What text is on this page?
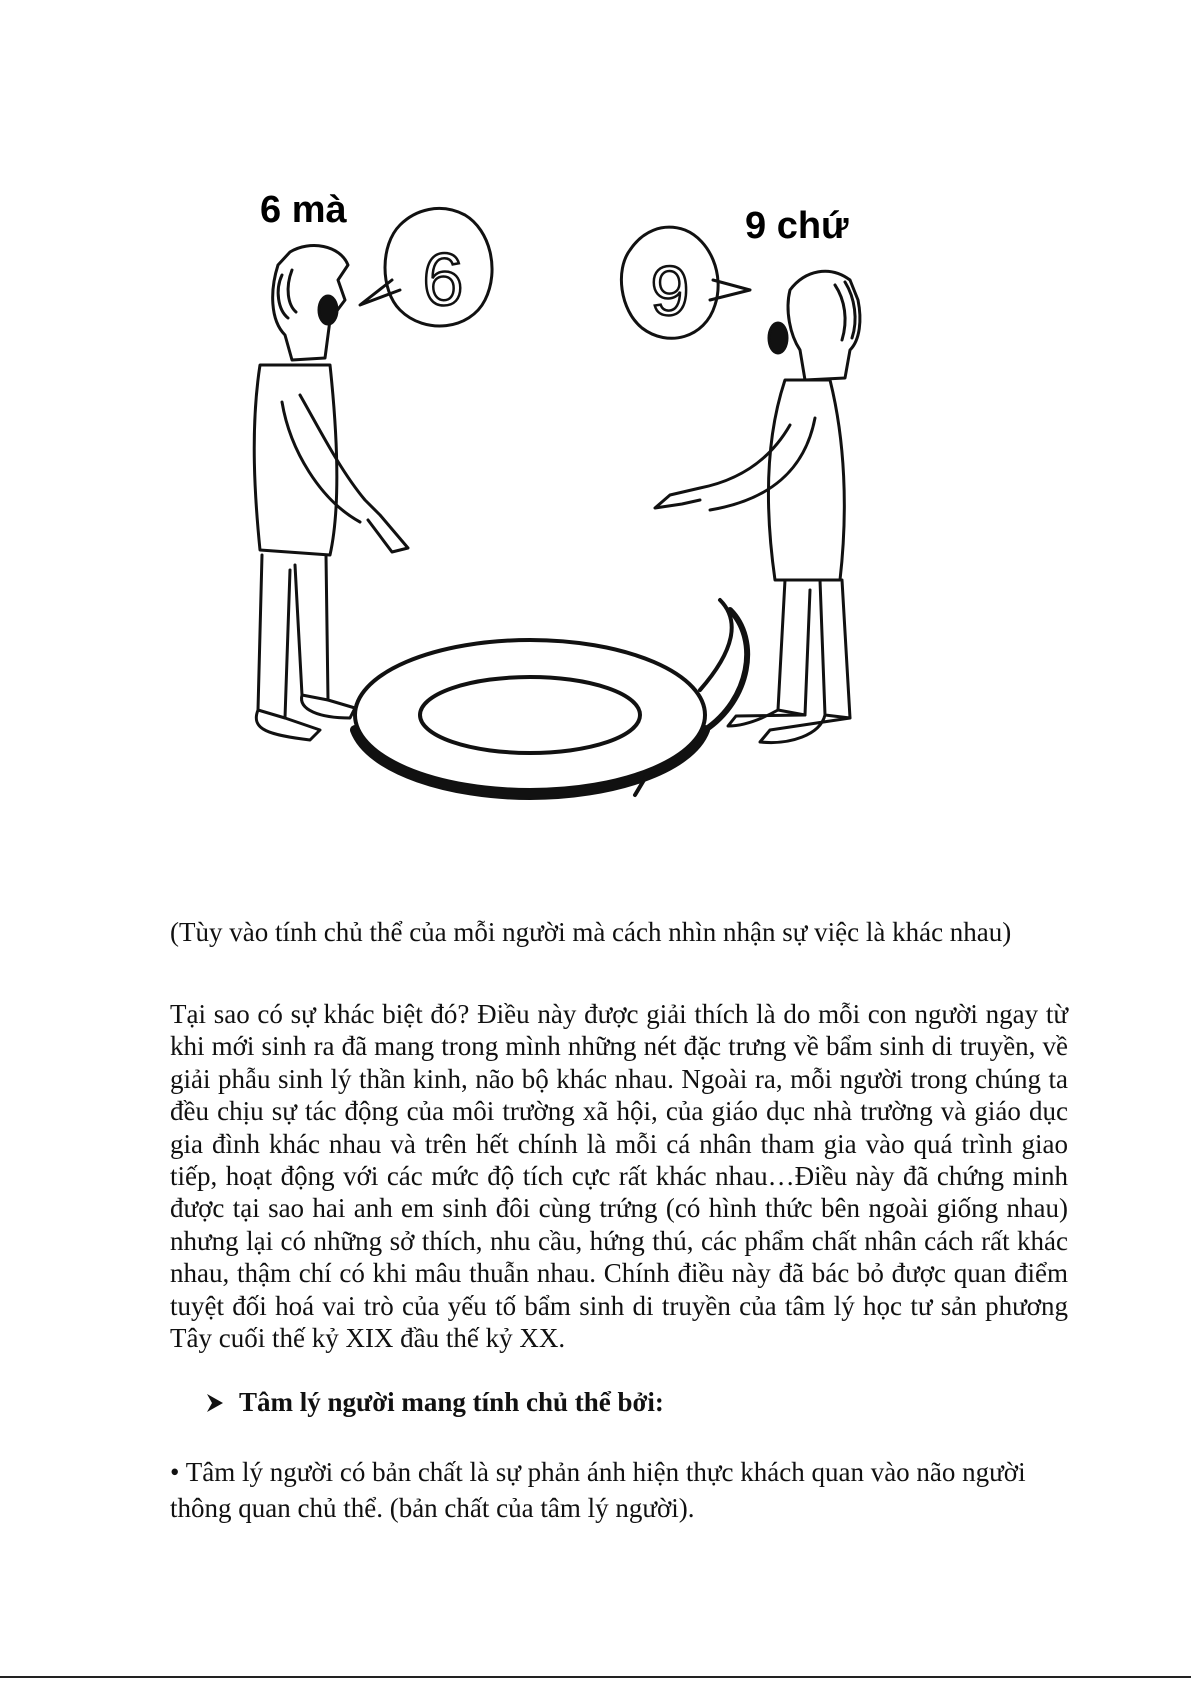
6 mà	9 chứ
6	9
(Tùy vào tính chủ thể của mỗi người mà cách nhìn nhận sự việc là khác nhau)

Tại sao có sự khác biệt đó? Điều này được giải thích là do mỗi con người ngay từ khi mới sinh ra đã mang trong mình những nét đặc trưng về bẩm sinh di truyền, về giải phẫu sinh lý thần kinh, não bộ khác nhau. Ngoài ra, mỗi người trong chúng ta đều chịu sự tác động của môi trường xã hội, của giáo dục nhà trường và giáo dục gia đình khác nhau và trên hết chính là mỗi cá nhân tham gia vào quá trình giao tiếp, hoạt động với các mức độ tích cực rất khác nhau…Điều này đã chứng minh được tại sao hai anh em sinh đôi cùng trứng (có hình thức bên ngoài giống nhau) nhưng lại có những sở thích, nhu cầu, hứng thú, các phẩm chất nhân cách rất khác nhau, thậm chí có khi mâu thuẫn nhau. Chính điều này đã bác bỏ được quan điểm tuyệt đối hoá vai trò của yếu tố bẩm sinh di truyền của tâm lý học tư sản phương Tây cuối thế kỷ XIX đầu thế kỷ XX.

Tâm lý người mang tính chủ thể bởi:

• Tâm lý người có bản chất là sự phản ánh hiện thực khách quan vào não người thông quan chủ thể. (bản chất của tâm lý người).
